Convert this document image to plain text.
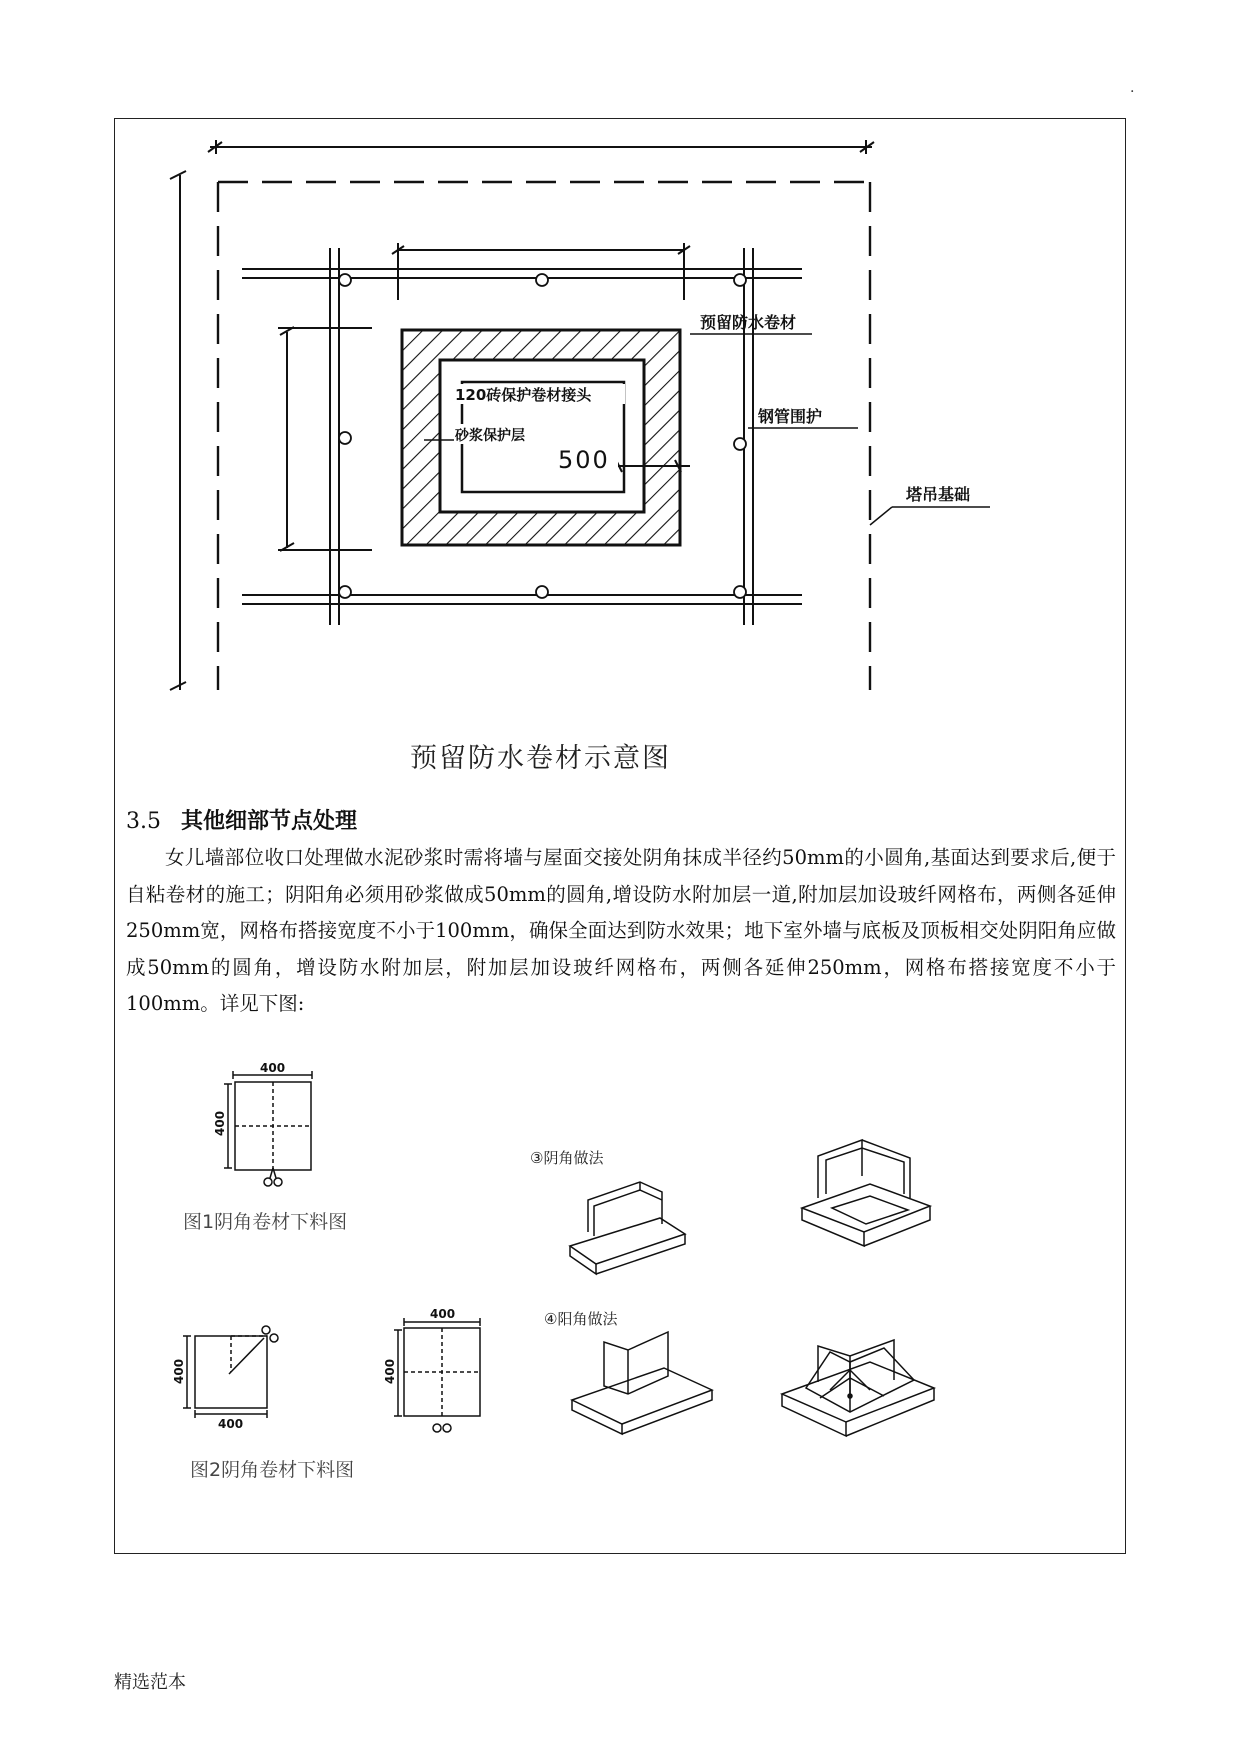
.
500
120砖保护卷材接头
砂浆保护层
预留防水卷材
钢管围护
塔吊基础
预留防水卷材示意图
3.5 其他细部节点处理
女儿墙部位收口处理做水泥砂浆时需将墙与屋面交接处阴角抹成半径约50mm的小圆角,基面达到要求后,便于自粘卷材的施工；阴阳角必须用砂浆做成50mm的圆角,增设防水附加层一道,附加层加设玻纤网格布，两侧各延伸250mm宽，网格布搭接宽度不小于100mm，确保全面达到防水效果；地下室外墙与底板及顶板相交处阴阳角应做成50mm的圆角，增设防水附加层，附加层加设玻纤网格布，两侧各延伸250mm，网格布搭接宽度不小于100mm。详见下图:
400
400
400
400
400
400
图1阴角卷材下料图
图2阴角卷材下料图
③阴角做法
④阳角做法
精选范本
